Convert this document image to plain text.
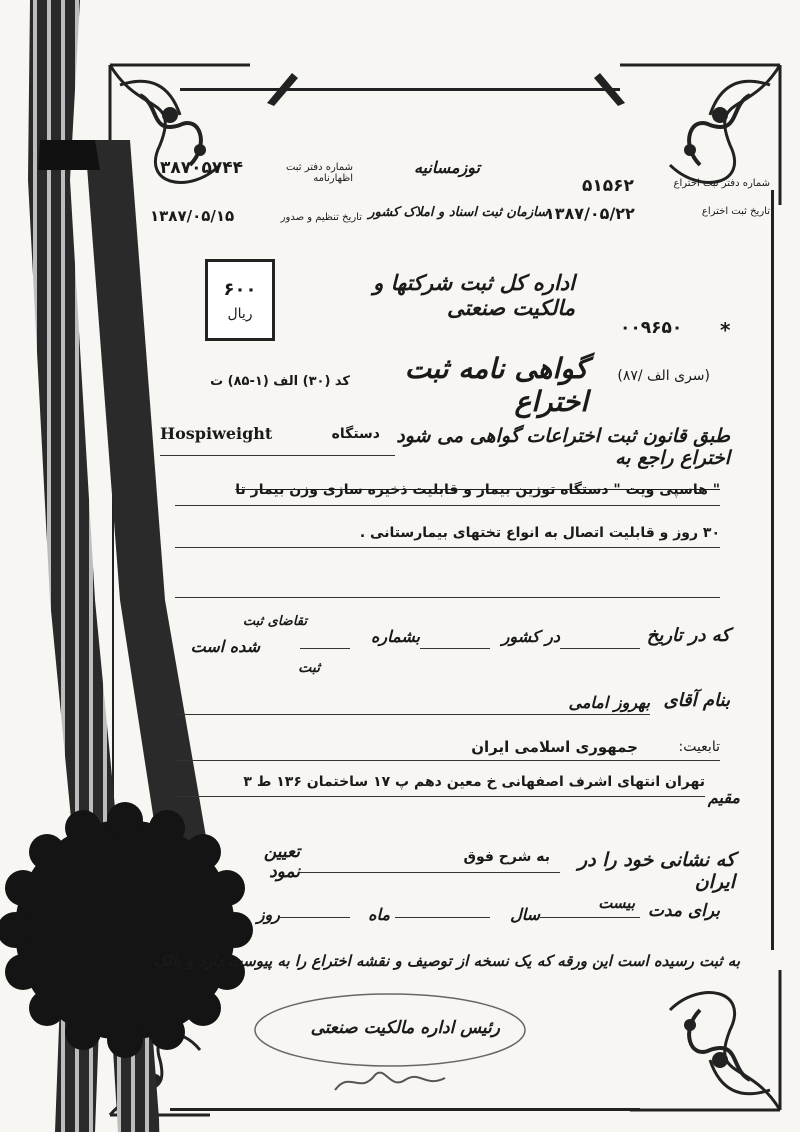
توزمسانیه
شماره دفتر ثبت اختراع
۵۱۵۶۲
تاریخ ثبت اختراع
۱۳۸۷/۰۵/۲۲
سازمان ثبت اسناد و املاک کشور
شماره دفتر ثبت اظهارنامه
۳۸۷۰۵۷۴۴
تاریخ تنظیم و صدور
۱۳۸۷/۰۵/۱۵
اداره کل ثبت شرکتها و مالکیت صنعتی
۶۰۰
ریال
*
۰۰۹۶۵۰
(سری الف /۸۷)
گواهی نامه ثبت اختراع
کد (۳۰) الف (۱-۸۵) ت
طبق قانون ثبت اختراعات گواهی می شود اختراع راجع به
دستگاه
Hospiweight
" هاسپی ویت " دستگاه توزین بیمار و قابلیت ذخیره سازی وزن بیمار تا
۳۰ روز و قابلیت اتصال به انواع تختهای بیمارستانی .
که در تاریخ
در کشور
بشماره
تقاضای ثبت
ثبت
شده است
بنام آقای
بهروز امامی
تابعیت:
جمهوری اسلامی ایران
مقیم
تهران انتهای اشرف اصفهانی خ معین دهم پ ۱۷ ساختمان ۱۳۶ ط ۳
که نشانی خود را در ایران
به شرح فوق
تعیین نمود
برای مدت
بیست
سال
ماه
روز
به ثبت رسیده است این ورقه که یک نسخه از توصیف و نقشه اختراع را به پیوست دارد و بالک
رئیس اداره مالکیت صنعتی
